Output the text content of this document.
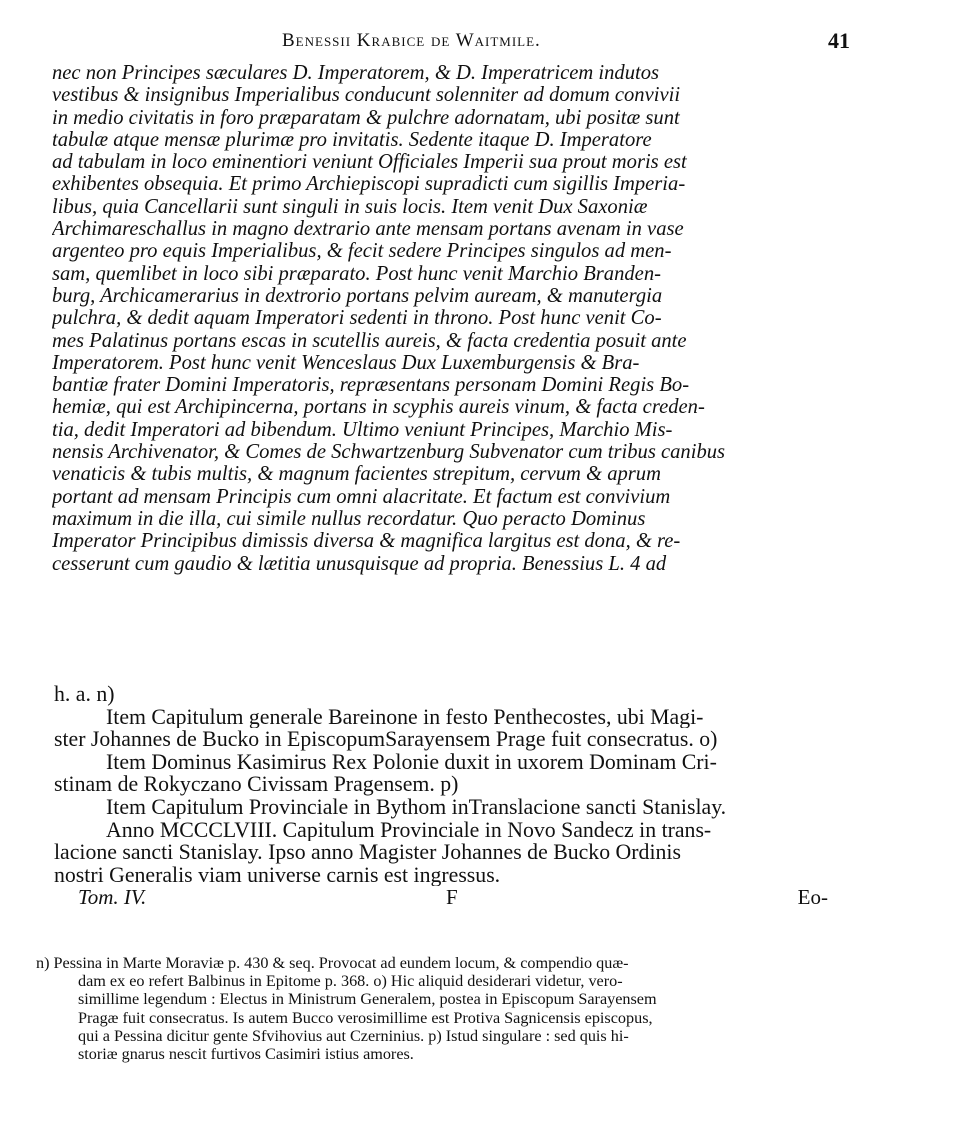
Benessii Krabice de Waitmile.	41
nec non Principes sæculares D. Imperatorem, & D. Imperatricem indutos
vestibus & insignibus Imperialibus conducunt solenniter ad domum convivii
in medio civitatis in foro præparatam & pulchre adornatam, ubi positæ sunt
tabulæ atque mensæ plurimæ pro invitatis. Sedente itaque D. Imperatore
ad tabulam in loco eminentiori veniunt Officiales Imperii sua prout moris est
exhibentes obsequia. Et primo Archiepiscopi supradicti cum sigillis Imperia-
libus, quia Cancellarii sunt singuli in suis locis. Item venit Dux Saxoniæ
Archimareschallus in magno dextrario ante mensam portans avenam in vase
argenteo pro equis Imperialibus, & fecit sedere Principes singulos ad men-
sam, quemlibet in loco sibi præparato. Post hunc venit Marchio Branden-
burg, Archicamerarius in dextrorio portans pelvim auream, & manutergia
pulchra, & dedit aquam Imperatori sedenti in throno. Post hunc venit Co-
mes Palatinus portans escas in scutellis aureis, & facta credentia posuit ante
Imperatorem. Post hunc venit Wenceslaus Dux Luxemburgensis & Bra-
bantiæ frater Domini Imperatoris, repræsentans personam Domini Regis Bo-
hemiæ, qui est Archipincerna, portans in scyphis aureis vinum, & facta creden-
tia, dedit Imperatori ad bibendum. Ultimo veniunt Principes, Marchio Mis-
nensis Archivenator, & Comes de Schwartzenburg Subvenator cum tribus canibus
venaticis & tubis multis, & magnum facientes strepitum, cervum & aprum
portant ad mensam Principis cum omni alacritate. Et factum est convivium
maximum in die illa, cui simile nullus recordatur. Quo peracto Dominus
Imperator Principibus dimissis diversa & magnifica largitus est dona, & re-
cesserunt cum gaudio & lætitia unusquisque ad propria. Benessius L. 4 ad
h. a. n)
Item Capitulum generale Bareinone in festo Penthecostes, ubi Magi-
ster Johannes de Bucko in EpiscopumSarayensem Prage fuit consecratus. o)
Item Dominus Kasimirus Rex Polonie duxit in uxorem Dominam Cri-
stinam de Rokyczano Civissam Pragensem. p)
Item Capitulum Provinciale in Bythom inTranslacione sancti Stanislay.
Anno MCCCLVIII. Capitulum Provinciale in Novo Sandecz in trans-
lacione sancti Stanislay. Ipso anno Magister Johannes de Bucko Ordinis
nostri Generalis viam universe carnis est ingressus.
Tom. IV.	F	Eo-
n) Pessina in Marte Moraviæ p. 430 & seq. Provocat ad eundem locum, & compendio quæ-
dam ex eo refert Balbinus in Epitome p. 368. o) Hic aliquid desiderari videtur, vero-
simillime legendum : Electus in Ministrum Generalem, postea in Episcopum Sarayensem
Pragæ fuit consecratus. Is autem Bucco verosimillime est Protiva Sagnicensis episcopus,
qui a Pessina dicitur gente Sfvihovius aut Czerninius. p) Istud singulare : sed quis hi-
storiæ gnarus nescit furtivos Casimiri istius amores.
